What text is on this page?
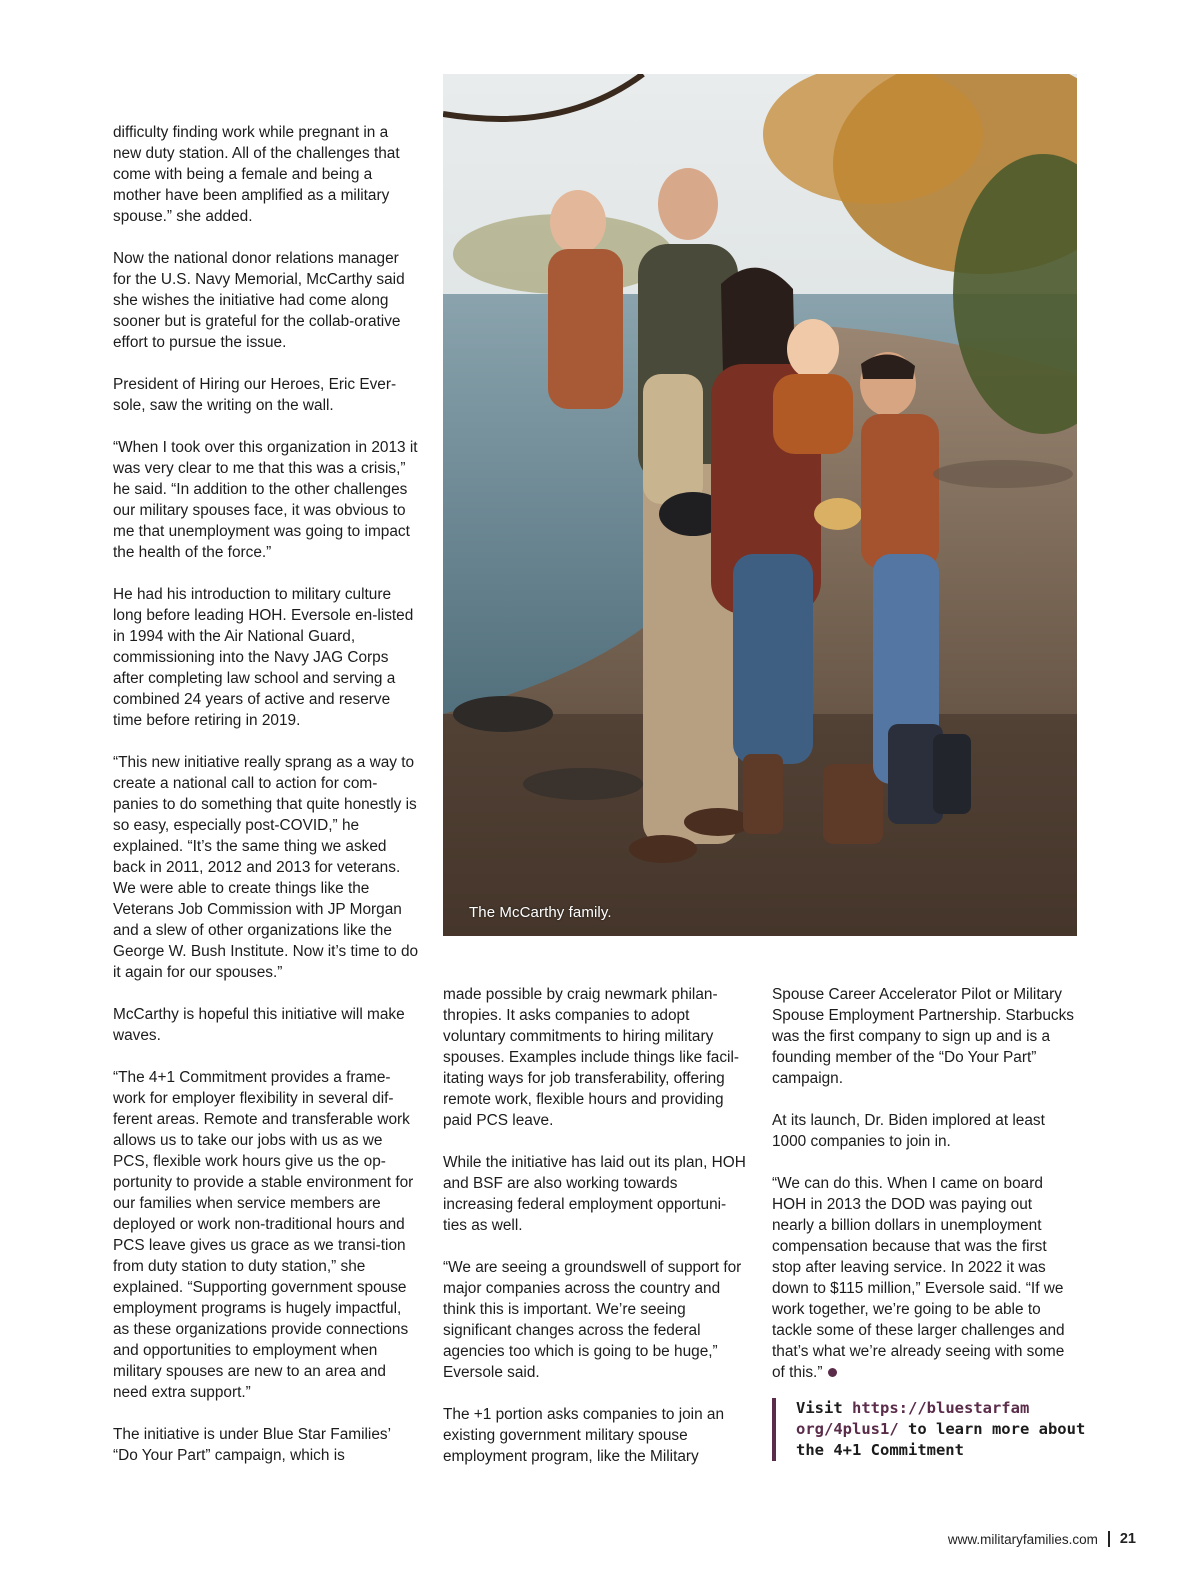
difficulty finding work while pregnant in a new duty station. All of the challenges that come with being a female and being a mother have been amplified as a military spouse.” she added.

Now the national donor relations manager for the U.S. Navy Memorial, McCarthy said she wishes the initiative had come along sooner but is grateful for the collab-orative effort to pursue the issue.

President of Hiring our Heroes, Eric Ever-sole, saw the writing on the wall.

“When I took over this organization in 2013 it was very clear to me that this was a crisis,” he said. “In addition to the other challenges our military spouses face, it was obvious to me that unemployment was going to impact the health of the force.”

He had his introduction to military culture long before leading HOH. Eversole en-listed in 1994 with the Air National Guard, commissioning into the Navy JAG Corps after completing law school and serving a combined 24 years of active and reserve time before retiring in 2019.

“This new initiative really sprang as a way to create a national call to action for com-panies to do something that quite honestly is so easy, especially post-COVID,” he explained. “It’s the same thing we asked back in 2011, 2012 and 2013 for veterans. We were able to create things like the Veterans Job Commission with JP Morgan and a slew of other organizations like the George W. Bush Institute. Now it’s time to do it again for our spouses.”

McCarthy is hopeful this initiative will make waves.

“The 4+1 Commitment provides a frame-work for employer flexibility in several dif-ferent areas. Remote and transferable work allows us to take our jobs with us as we PCS, flexible work hours give us the op-portunity to provide a stable environment for our families when service members are deployed or work non-traditional hours and PCS leave gives us grace as we transi-tion from duty station to duty station,” she explained. “Supporting government spouse employment programs is hugely impactful, as these organizations provide connections and opportunities to employment when military spouses are new to an area and need extra support.”

The initiative is under Blue Star Families’ “Do Your Part” campaign, which is

The McCarthy family.

made possible by craig newmark philan-thropies. It asks companies to adopt voluntary commitments to hiring military spouses. Examples include things like facil-itating ways for job transferability, offering remote work, flexible hours and providing paid PCS leave.

While the initiative has laid out its plan, HOH and BSF are also working towards increasing federal employment opportuni-ties as well.

“We are seeing a groundswell of support for major companies across the country and think this is important. We’re seeing significant changes across the federal agencies too which is going to be huge,” Eversole said.

The +1 portion asks companies to join an existing government military spouse employment program, like the Military

Spouse Career Accelerator Pilot or Military Spouse Employment Partnership. Starbucks was the first company to sign up and is a founding member of the “Do Your Part” campaign.

At its launch, Dr. Biden implored at least 1000 companies to join in.

“We can do this. When I came on board HOH in 2013 the DOD was paying out nearly a billion dollars in unemployment compensation because that was the first stop after leaving service. In 2022 it was down to $115 million,” Eversole said. “If we work together, we’re going to be able to tackle some of these larger challenges and that’s what we’re already seeing with some of this.”

Visit https://bluestarfam org/4plus1/ to learn more about the 4+1 Commitment
www.militaryfamilies.com 21
